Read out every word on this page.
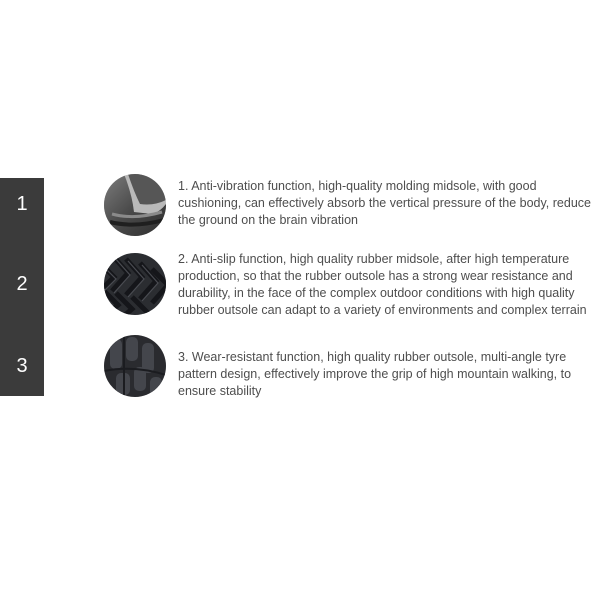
1
2
3
1. Anti-vibration function, high-quality molding midsole, with good cushioning, can effectively absorb the vertical pressure of the body, reduce the ground on the brain vibration
2. Anti-slip function, high quality rubber midsole, after high temperature production, so that the rubber outsole has a strong wear resistance and durability, in the face of the complex outdoor conditions with high quality rubber outsole can adapt to a variety of environments and complex terrain
3. Wear-resistant function, high quality rubber outsole, multi-angle tyre pattern design, effectively improve the grip of high mountain walking, to ensure stability
